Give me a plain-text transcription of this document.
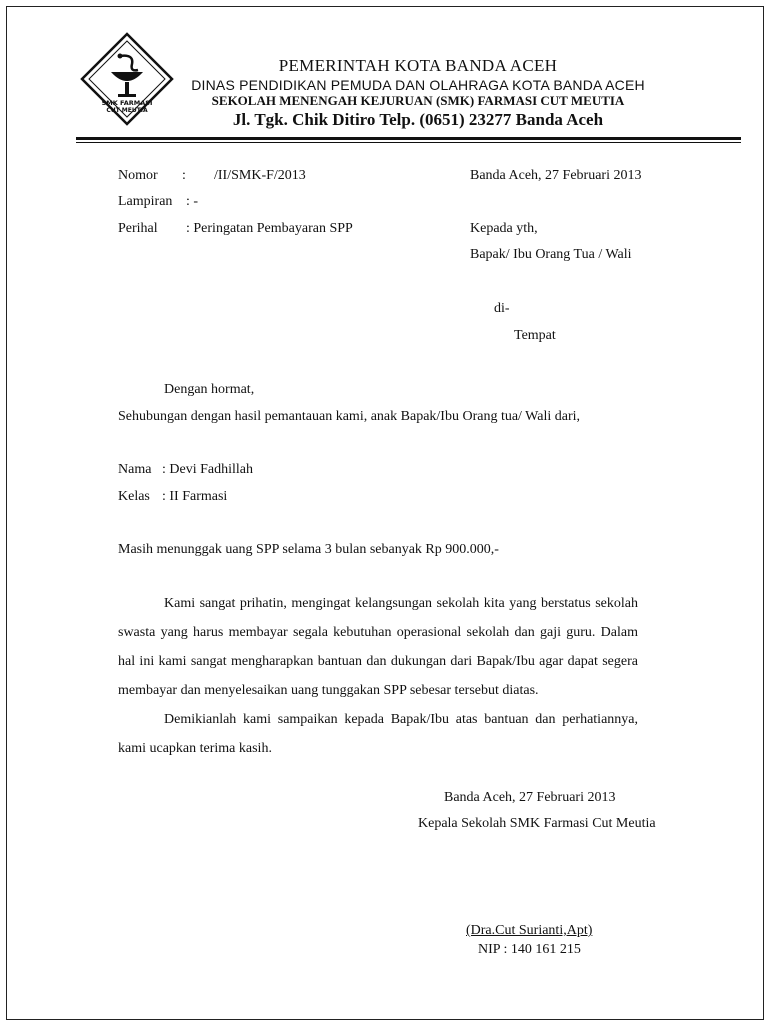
SMK FARMASI
CUT MEUTIA
PEMERINTAH KOTA BANDA ACEH
DINAS PENDIDIKAN PEMUDA DAN OLAHRAGA KOTA BANDA ACEH
SEKOLAH MENENGAH KEJURUAN (SMK) FARMASI CUT MEUTIA
Jl. Tgk. Chik Ditiro Telp. (0651) 23277 Banda Aceh
Nomor : /II/SMK-F/2013
Lampiran : -
Perihal : Peringatan Pembayaran SPP
Banda Aceh, 27 Februari 2013
Kepada yth,
Bapak/ Ibu Orang Tua / Wali
di-
Tempat
Dengan hormat,
Sehubungan dengan hasil pemantauan kami, anak Bapak/Ibu Orang tua/ Wali dari,
Nama : Devi Fadhillah
Kelas : II Farmasi
Masih menunggak uang SPP selama 3 bulan sebanyak Rp 900.000,-
Kami sangat prihatin, mengingat kelangsungan sekolah kita yang berstatus sekolah swasta yang harus membayar segala kebutuhan operasional sekolah dan gaji guru. Dalam hal ini kami sangat mengharapkan bantuan dan dukungan dari Bapak/Ibu agar dapat segera membayar dan menyelesaikan uang tunggakan SPP sebesar tersebut diatas.
Demikianlah kami sampaikan kepada Bapak/Ibu atas bantuan dan perhatiannya, kami ucapkan terima kasih.
Banda Aceh, 27 Februari 2013
Kepala Sekolah SMK Farmasi Cut Meutia
(Dra.Cut Surianti,Apt)
NIP : 140 161 215
